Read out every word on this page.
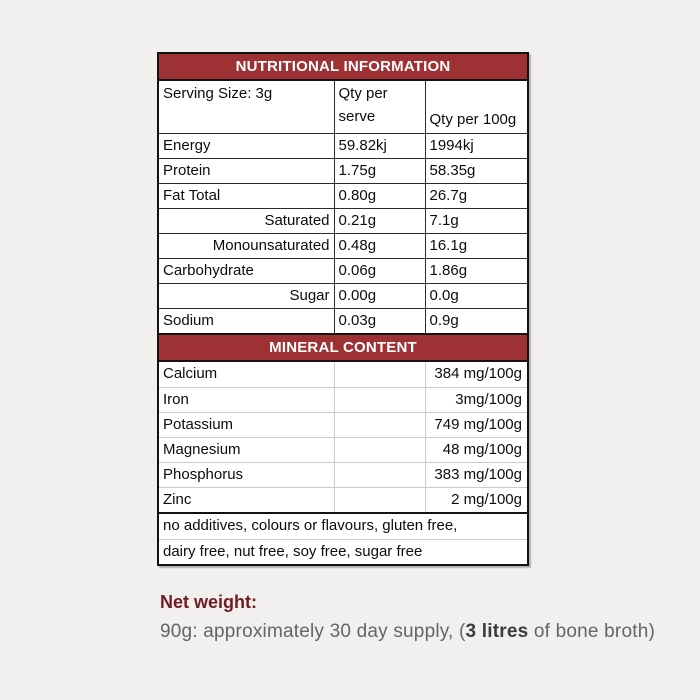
NUTRITIONAL INFORMATION
Serving Size: 3g	Qty per serve	Qty per 100g
Energy	59.82kj	1994kj
Protein	1.75g	58.35g
Fat Total	0.80g	26.7g
Saturated	0.21g	7.1g
Monounsaturated	0.48g	16.1g
Carbohydrate	0.06g	1.86g
Sugar	0.00g	0.0g
Sodium	0.03g	0.9g
MINERAL CONTENT
Calcium		384 mg/100g
Iron		3mg/100g
Potassium		749 mg/100g
Magnesium		48 mg/100g
Phosphorus		383 mg/100g
Zinc		2 mg/100g
no additives, colours or flavours, gluten free,
dairy free, nut free, soy free, sugar free
Net weight:
90g: approximately 30 day supply, (3 litres of bone broth)
